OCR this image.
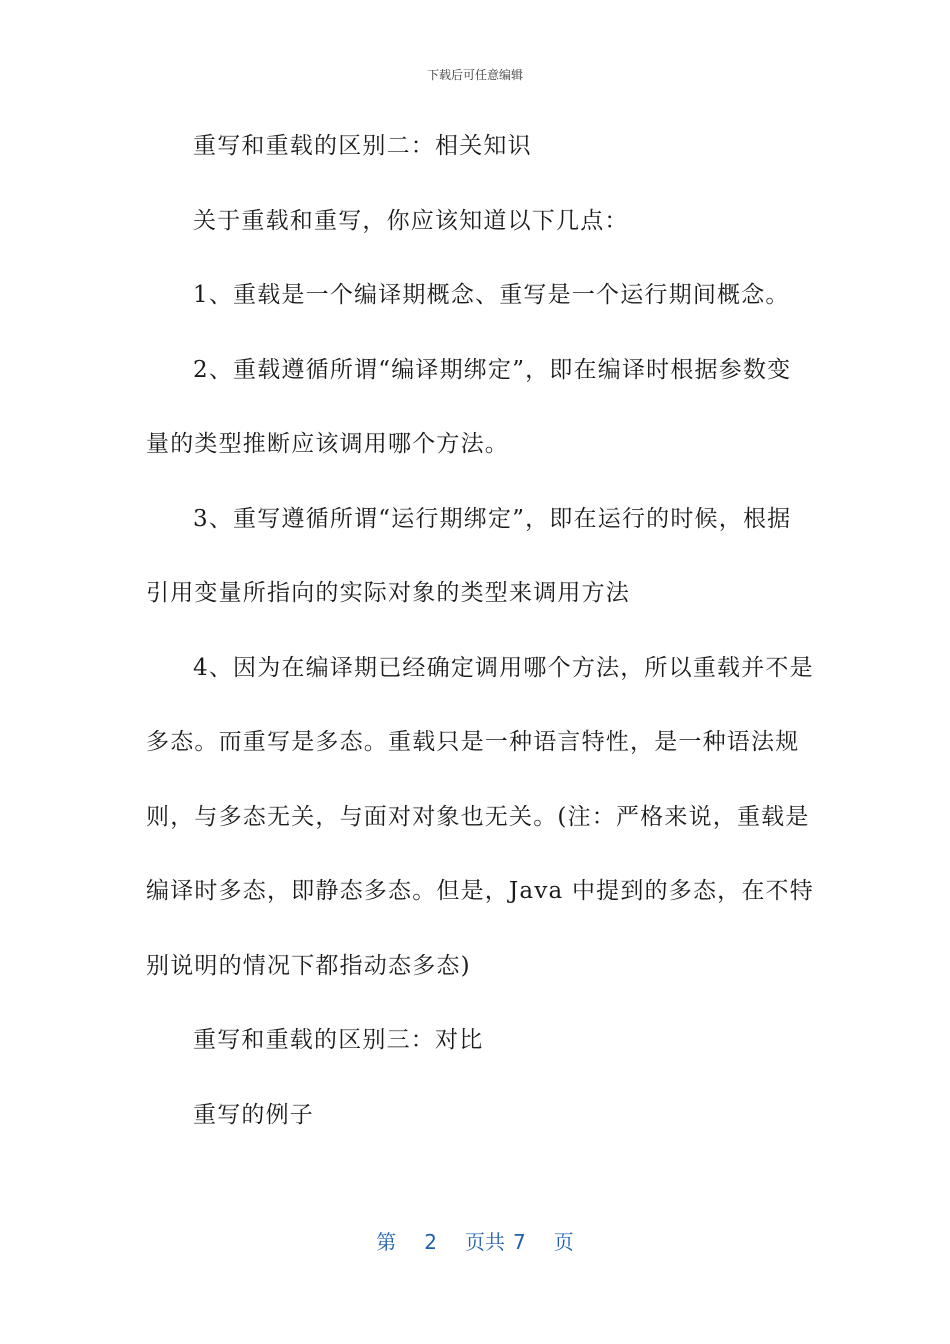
下载后可任意编辑
重写和重载的区别二：相关知识
关于重载和重写，你应该知道以下几点：
1、重载是一个编译期概念、重写是一个运行期间概念。
2、重载遵循所谓“编译期绑定”，即在编译时根据参数变
量的类型推断应该调用哪个方法。
3、重写遵循所谓“运行期绑定”，即在运行的时候，根据
引用变量所指向的实际对象的类型来调用方法
4、因为在编译期已经确定调用哪个方法，所以重载并不是
多态。而重写是多态。重载只是一种语言特性，是一种语法规
则，与多态无关，与面对对象也无关。(注：严格来说，重载是
编译时多态，即静态多态。但是，Java 中提到的多态，在不特
别说明的情况下都指动态多态)
重写和重载的区别三：对比
重写的例子
第 2 页共 7 页
